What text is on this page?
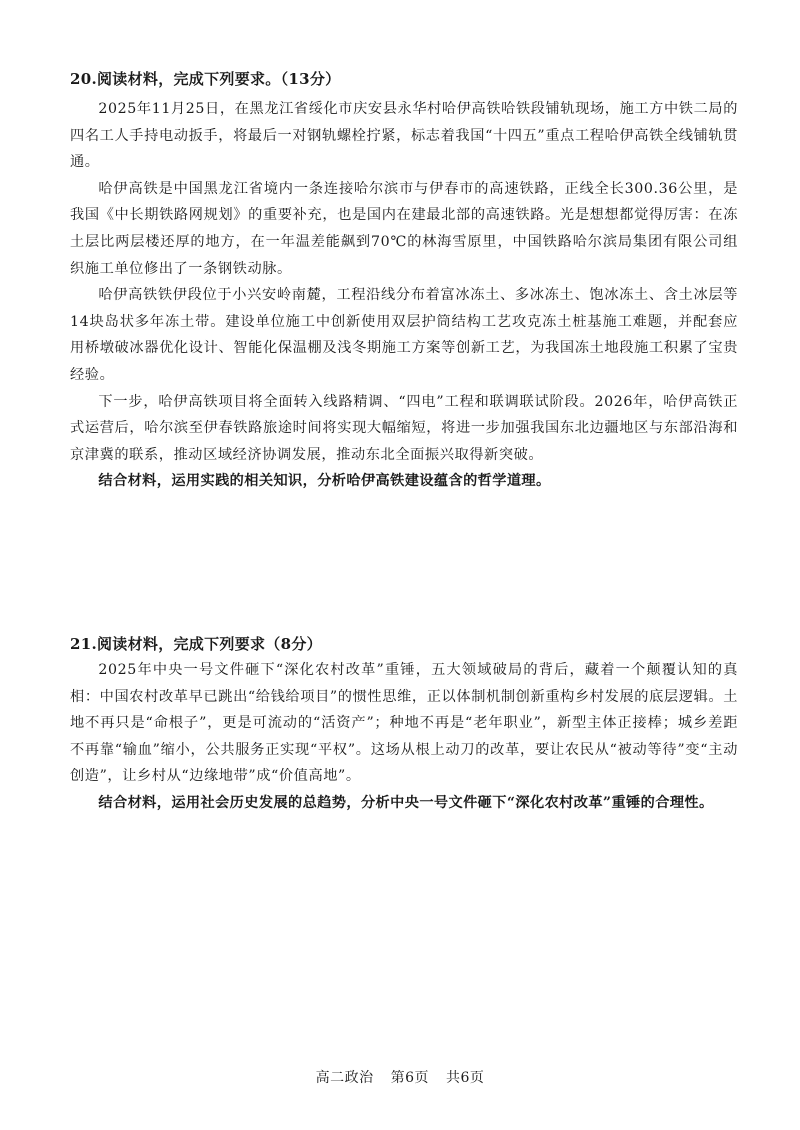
20.阅读材料，完成下列要求。（13分）

2025年11月25日，在黑龙江省绥化市庆安县永华村哈伊高铁哈铁段铺轨现场，施工方中铁二局的四名工人手持电动扳手，将最后一对钢轨螺栓拧紧，标志着我国“十四五”重点工程哈伊高铁全线铺轨贯通。

哈伊高铁是中国黑龙江省境内一条连接哈尔滨市与伊春市的高速铁路，正线全长300.36公里，是我国《中长期铁路网规划》的重要补充，也是国内在建最北部的高速铁路。光是想想都觉得厉害：在冻土层比两层楼还厚的地方，在一年温差能飙到70℃的林海雪原里，中国铁路哈尔滨局集团有限公司组织施工单位修出了一条钢铁动脉。

哈伊高铁铁伊段位于小兴安岭南麓，工程沿线分布着富冰冻土、多冰冻土、饱冰冻土、含土冰层等14块岛状多年冻土带。建设单位施工中创新使用双层护筒结构工艺攻克冻土桩基施工难题，并配套应用桥墩破冰器优化设计、智能化保温棚及浅冬期施工方案等创新工艺，为我国冻土地段施工积累了宝贵经验。

下一步，哈伊高铁项目将全面转入线路精调、“四电”工程和联调联试阶段。2026年，哈伊高铁正式运营后，哈尔滨至伊春铁路旅途时间将实现大幅缩短，将进一步加强我国东北边疆地区与东部沿海和京津冀的联系，推动区域经济协调发展，推动东北全面振兴取得新突破。

结合材料，运用实践的相关知识，分析哈伊高铁建设蕴含的哲学道理。

21.阅读材料，完成下列要求（8分）

2025年中央一号文件砸下“深化农村改革”重锤，五大领域破局的背后，藏着一个颠覆认知的真相：中国农村改革早已跳出“给钱给项目”的惯性思维，正以体制机制创新重构乡村发展的底层逻辑。土地不再只是“命根子”，更是可流动的“活资产”；种地不再是“老年职业”，新型主体正接棒；城乡差距不再靠“输血”缩小，公共服务正实现“平权”。这场从根上动刀的改革，要让农民从“被动等待”变“主动创造”，让乡村从“边缘地带”成“价值高地”。

结合材料，运用社会历史发展的总趋势，分析中央一号文件砸下“深化农村改革”重锤的合理性。

高二政治 第6页 共6页
